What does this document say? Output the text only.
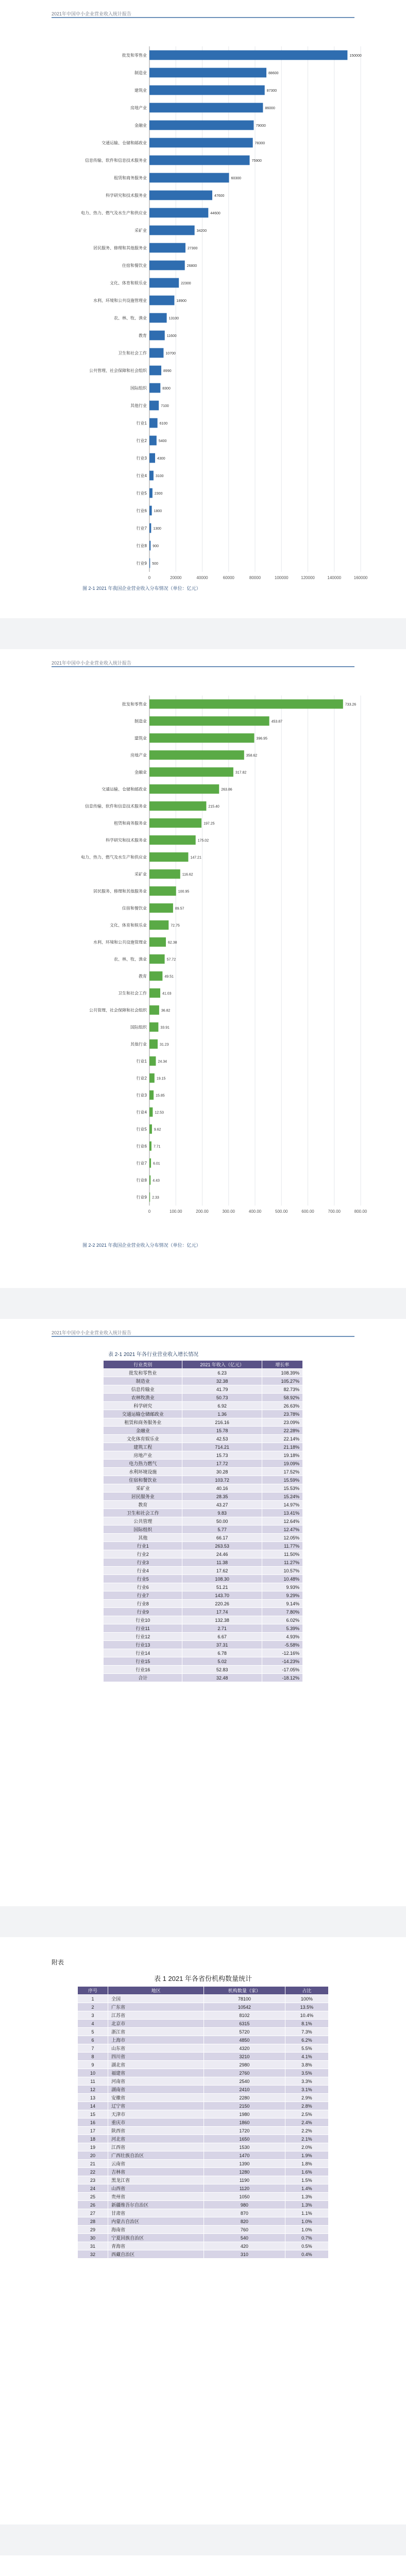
2021年中国中小企业营业收入统计报告
0	20000	40000	60000	80000	100000	120000	140000	160000
批发和零售业	150000
制造业	88600
建筑业	87300
房地产业	86000
金融业	79000
交通运输、仓储和邮政业	78300
信息传输、软件和信息技术服务业	75900
租赁和商务服务业	60300
科学研究和技术服务业	47600
电力、热力、燃气及水生产和供应业	44600
采矿业	34200
居民服务、修理和其他服务业	27300
住宿和餐饮业	26800
文化、体育和娱乐业	22300
水利、环境和公共设施管理业	18900
农、林、牧、渔业	13100
教育	11600
卫生和社会工作	10700
公共管理、社会保障和社会组织	8990
国际组织	8300
其他行业	7100
行业1	6100
行业2	5400
行业3	4300
行业4 3100
行业5 2300
行业6 1800
行业7 1300
行业8 900
行业9 500
图 2-1 2021 年我国企业营业收入分布情况（单位：亿元）
2021年中国中小企业营业收入统计报告
0	100.00	200.00	300.00	400.00	500.00	600.00	700.00	800.00
批发和零售业	733.26
制造业	453.87
建筑业	396.95
房地产业	358.62
金融业	317.82
交通运输、仓储和邮政业	263.86
信息传输、软件和信息技术服务业	215.40
租赁和商务服务业	197.25
科学研究和技术服务业	175.02
电力、热力、燃气及水生产和供应业	147.21
采矿业	116.62
居民服务、修理和其他服务业	100.95
住宿和餐饮业	89.57
文化、体育和娱乐业	72.75
水利、环境和公共设施管理业	62.38
农、林、牧、渔业	57.72
教育	49.51
卫生和社会工作	41.03
公共管理、社会保障和社会组织	36.82
国际组织	33.91
其他行业	31.23
行业1	24.34
行业2	19.15
行业3 15.85
行业4 12.53
行业5 9.62
行业6 7.71
行业7 6.01
行业8 4.43
行业9 2.33
图 2-2 2021 年我国企业营业收入分布情况（单位：亿元）
2021年中国中小企业营业收入统计报告
表 2-1 2021 年各行业营业收入增长情况
行业类别	2021 年收入（亿元）	增长率
批发和零售业	6.23	108.39%
制造业	32.38	105.27%
信息传输业	41.79	82.73%
农林牧渔业	50.73	58.92%
科学研究	6.92	26.63%
交通运输仓储邮政业	1.36	23.78%
租赁和商务服务业	216.16	23.09%
金融业	15.78	22.28%
文化体育娱乐业	42.53	22.14%
建筑工程	714.21	21.18%
房地产业	15.73	19.18%
电力热力燃气	17.72	19.09%
水利环境设施	30.28	17.52%
住宿和餐饮业	103.72	15.59%
采矿业	40.16	15.53%
居民服务业	28.35	15.24%
教育	43.27	14.97%
卫生和社会工作	9.83	13.41%
公共管理	50.00	12.64%
国际组织	5.77	12.47%
其他	66.17	12.05%
行业1	263.53	11.77%
行业2	24.46	11.50%
行业3	11.38	11.27%
行业4	17.62	10.57%
行业5	108.30	10.48%
行业6	51.21	9.93%
行业7	143.70	9.29%
行业8	220.26	9.14%
行业9	17.74	7.80%
行业10	132.38	6.02%
行业11	2.71	5.39%
行业12	6.67	4.93%
行业13	37.31	-5.58%
行业14	6.78	-12.16%
行业15	5.02	-14.23%
行业16	52.83	-17.05%
合计	32.48	-18.12%
附表
表 1 2021 年各省份机构数量统计
序号	地区	机构数量（家）	占比
1	全国	78100	100%
2	广东省	10542	13.5%
3	江苏省	8102	10.4%
4	北京市	6315	8.1%
5	浙江省	5720	7.3%
6	上海市	4850	6.2%
7	山东省	4320	5.5%
8	四川省	3210	4.1%
9	湖北省	2980	3.8%
10	福建省	2760	3.5%
11	河南省	2540	3.3%
12	湖南省	2410	3.1%
13	安徽省	2280	2.9%
14	辽宁省	2150	2.8%
15	天津市	1980	2.5%
16	重庆市	1860	2.4%
17	陕西省	1720	2.2%
18	河北省	1650	2.1%
19	江西省	1530	2.0%
20	广西壮族自治区	1470	1.9%
21	云南省	1390	1.8%
22	吉林省	1280	1.6%
23	黑龙江省	1190	1.5%
24	山西省	1120	1.4%
25	贵州省	1050	1.3%
26	新疆维吾尔自治区	980	1.3%
27	甘肃省	870	1.1%
28	内蒙古自治区	820	1.0%
29	海南省	760	1.0%
30	宁夏回族自治区	540	0.7%
31	青海省	420	0.5%
32	西藏自治区	310	0.4%
